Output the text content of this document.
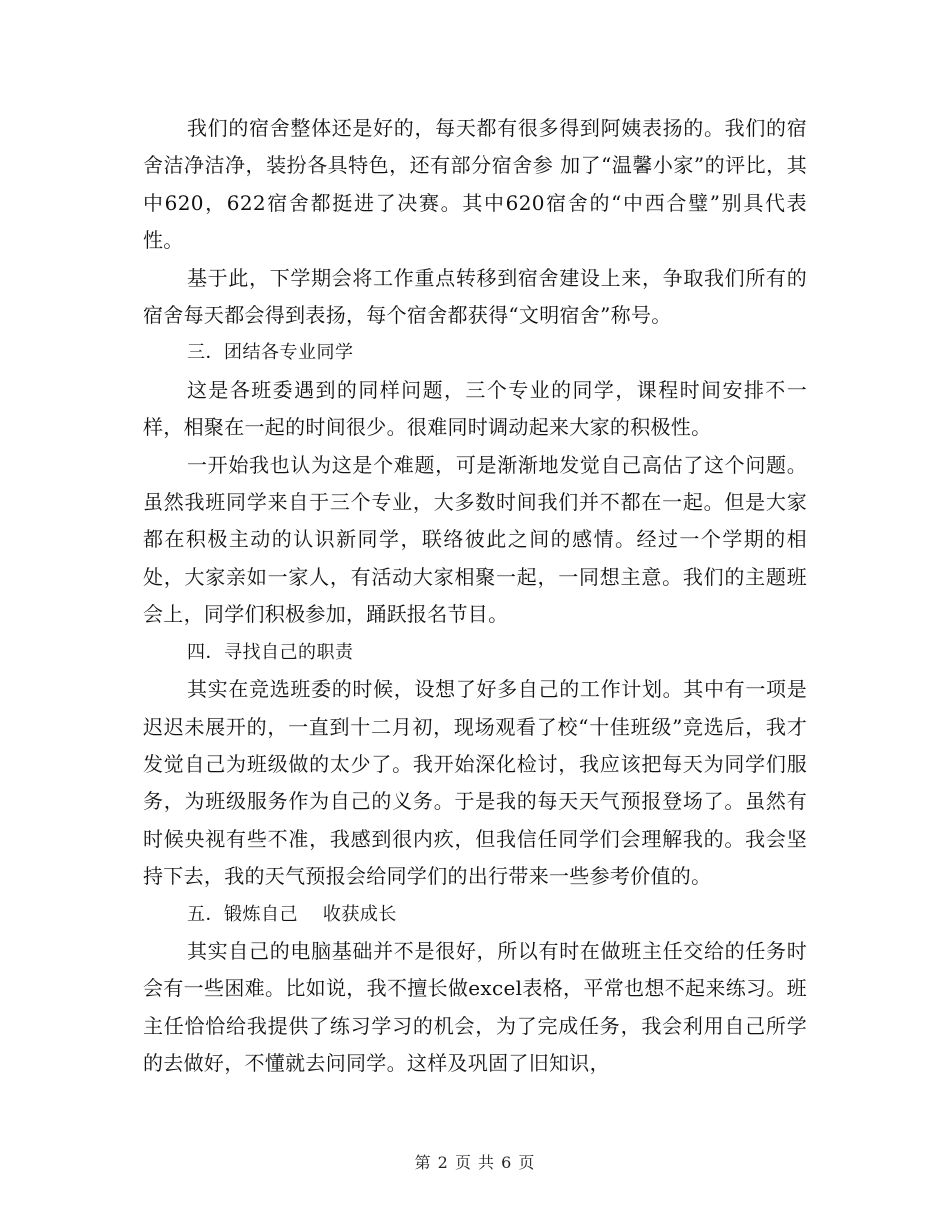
我们的宿舍整体还是好的，每天都有很多得到阿姨表扬的。我们的宿舍洁净洁净，装扮各具特色，还有部分宿舍参 加了“温馨小家”的评比，其中620，622宿舍都挺进了决赛。其中620宿舍的“中西合璧”别具代表性。

基于此，下学期会将工作重点转移到宿舍建设上来，争取我们所有的宿舍每天都会得到表扬，每个宿舍都获得“文明宿舍”称号。

三．团结各专业同学

这是各班委遇到的同样问题，三个专业的同学，课程时间安排不一样，相聚在一起的时间很少。很难同时调动起来大家的积极性。

一开始我也认为这是个难题，可是渐渐地发觉自己高估了这个问题。虽然我班同学来自于三个专业，大多数时间我们并不都在一起。但是大家都在积极主动的认识新同学，联络彼此之间的感情。经过一个学期的相处，大家亲如一家人，有活动大家相聚一起，一同想主意。我们的主题班会上，同学们积极参加，踊跃报名节目。

四．寻找自己的职责

其实在竞选班委的时候，设想了好多自己的工作计划。其中有一项是迟迟未展开的，一直到十二月初，现场观看了校“十佳班级”竞选后，我才发觉自己为班级做的太少了。我开始深化检讨，我应该把每天为同学们服务，为班级服务作为自己的义务。于是我的每天天气预报登场了。虽然有时候央视有些不准，我感到很内疚，但我信任同学们会理解我的。我会坚持下去，我的天气预报会给同学们的出行带来一些参考价值的。

五．锻炼自己    收获成长

其实自己的电脑基础并不是很好，所以有时在做班主任交给的任务时会有一些困难。比如说，我不擅长做excel表格，平常也想不起来练习。班主任恰恰给我提供了练习学习的机会，为了完成任务，我会利用自己所学的去做好，不懂就去问同学。这样及巩固了旧知识，

第 2 页 共 6 页
